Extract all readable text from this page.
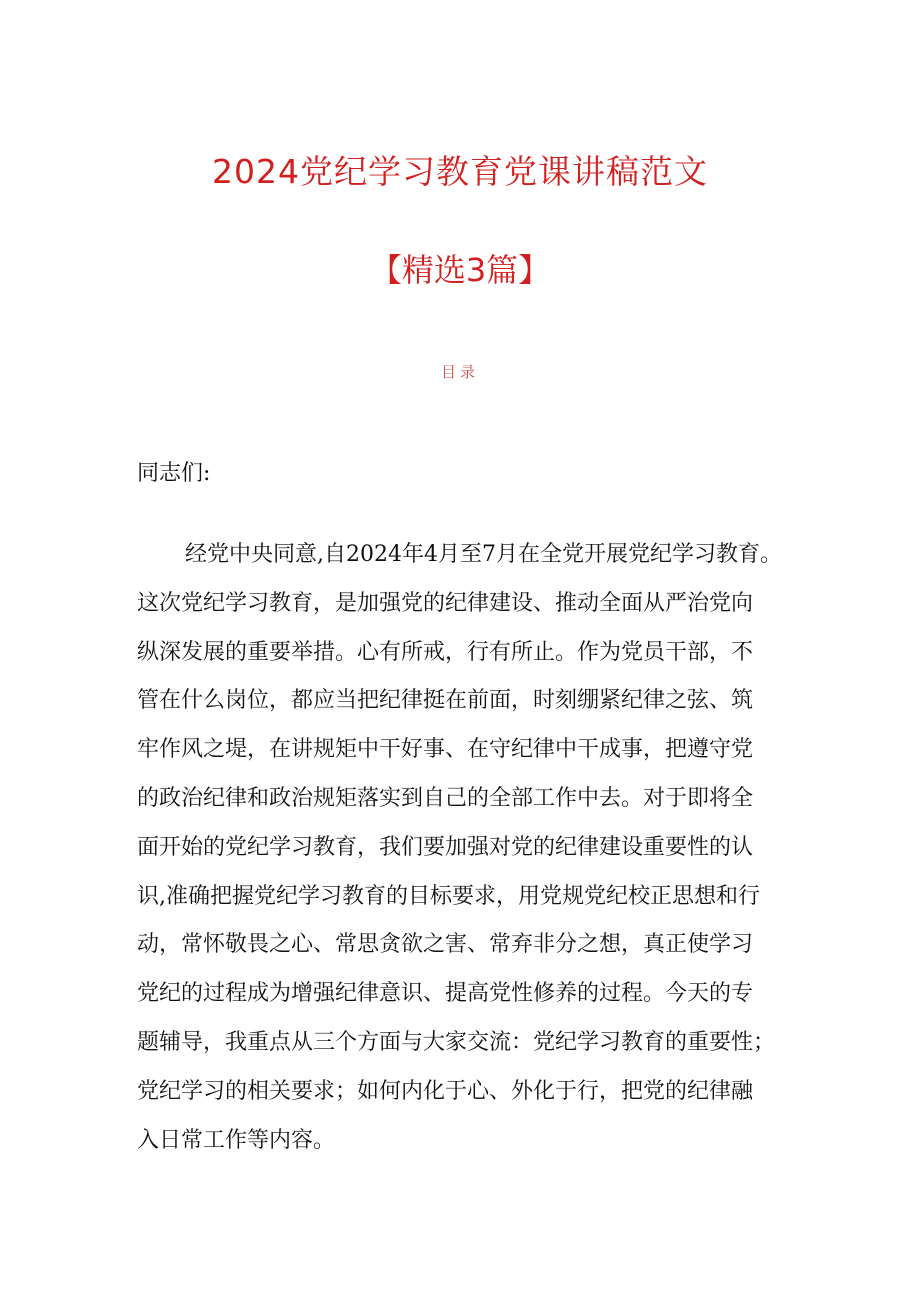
2024党纪学习教育党课讲稿范文
【精选3篇】
目录
同志们:
经党中央同意,自2024年4月至7月在全党开展党纪学习教育。
这次党纪学习教育，是加强党的纪律建设、推动全面从严治党向
纵深发展的重要举措。心有所戒，行有所止。作为党员干部，不
管在什么岗位，都应当把纪律挺在前面，时刻绷紧纪律之弦、筑
牢作风之堤，在讲规矩中干好事、在守纪律中干成事，把遵守党
的政治纪律和政治规矩落实到自己的全部工作中去。对于即将全
面开始的党纪学习教育，我们要加强对党的纪律建设重要性的认
识,准确把握党纪学习教育的目标要求，用党规党纪校正思想和行
动，常怀敬畏之心、常思贪欲之害、常弃非分之想，真正使学习
党纪的过程成为增强纪律意识、提高党性修养的过程。今天的专
题辅导，我重点从三个方面与大家交流：党纪学习教育的重要性；
党纪学习的相关要求；如何内化于心、外化于行，把党的纪律融
入日常工作等内容。
